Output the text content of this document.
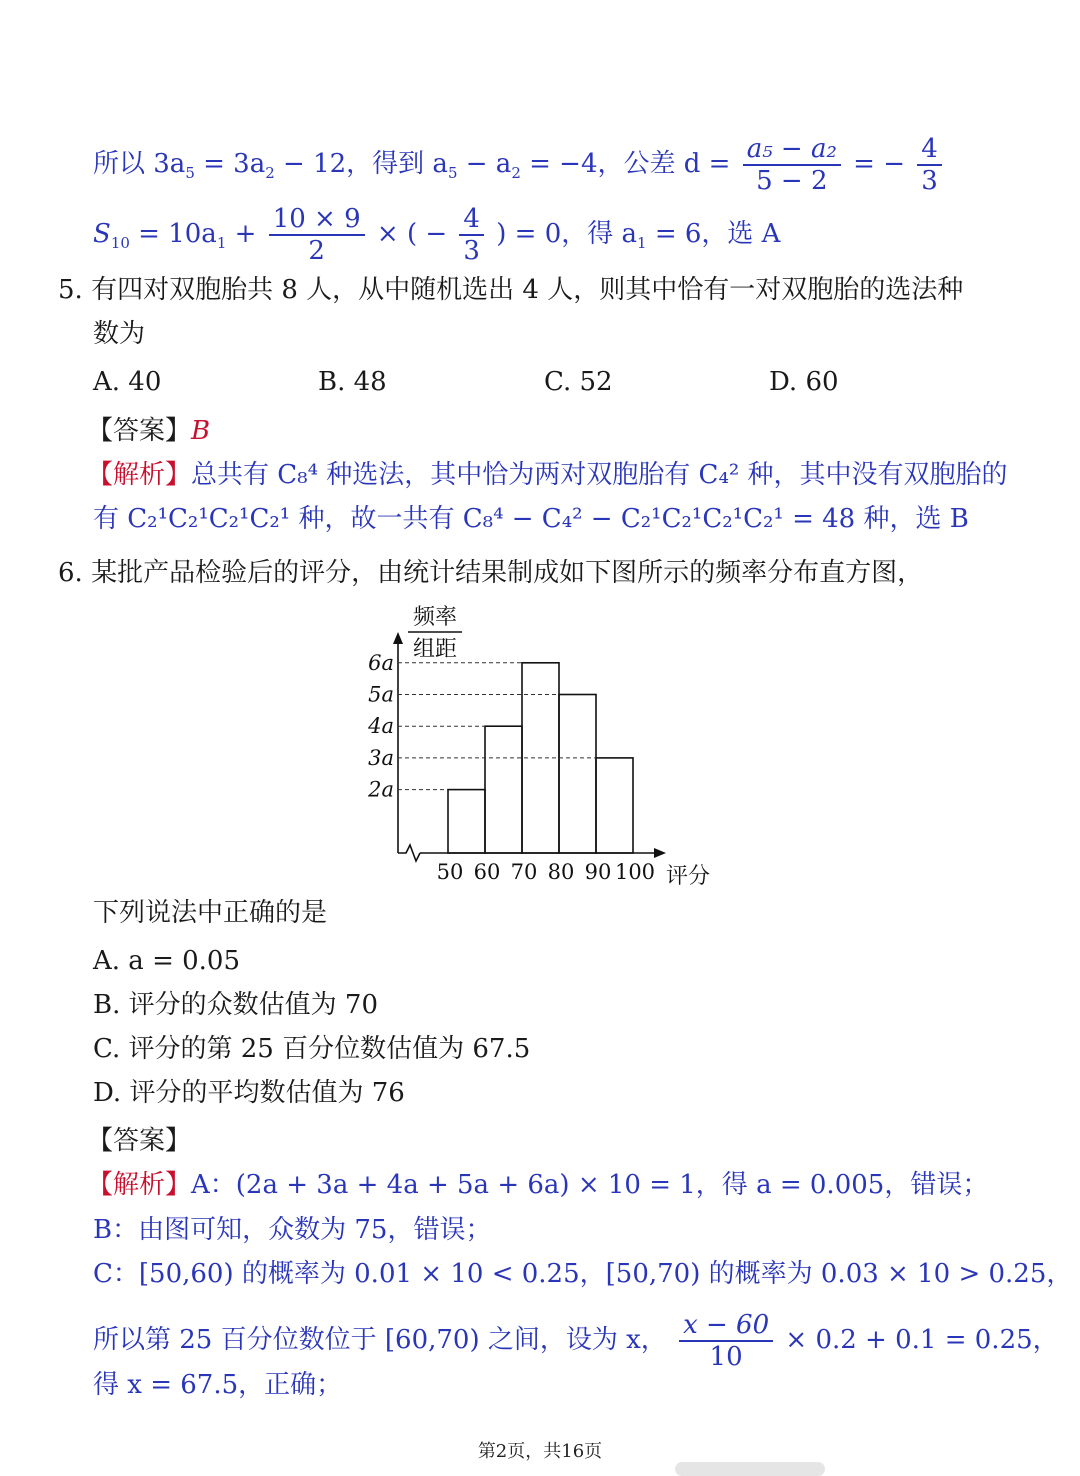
所以 $3a_5 = 3a_2 - 12$，得到 $a_5 - a_2 = -4$，公差 $d = \frac{\text{a₅ − a₂}}{5 - 2}$ = − $\frac{4}{3}$
$S_{10} = 10a_1 + \frac{10 \times 9}{2}$ × ( − $\frac{4}{3}$ ) = 0，得 $a_1 = 6$，选 A
5. 有四对双胞胎共 8 人，从中随机选出 4 人，则其中恰有一对双胞胎的选法种
数为
A. 40	B. 48	C. 52	D. 60
【答案】B
【解析】总共有 C₈⁴ 种选法，其中恰为两对双胞胎有 C₄² 种，其中没有双胞胎的
有 C₂¹C₂¹C₂¹C₂¹ 种，故一共有 C₈⁴ − C₄² − C₂¹C₂¹C₂¹C₂¹ = 48 种，选 B
6. 某批产品检验后的评分，由统计结果制成如下图所示的频率分布直方图，
频率
组距
2a
3a
4a
5a
6a
50 60 70 80 90 100 评分
下列说法中正确的是
A. a = 0.05
B. 评分的众数估值为 70
C. 评分的第 25 百分位数估值为 67.5
D. 评分的平均数估值为 76
【答案】
【解析】A：(2a + 3a + 4a + 5a + 6a) × 10 = 1，得 a = 0.005，错误；
B：由图可知，众数为 75，错误；
C：[50,60) 的概率为 0.01 × 10 < 0.25，[50,70) 的概率为 0.03 × 10 > 0.25，
所以第 25 百分位数位于 [60,70) 之间，设为 x， $\frac{x - 60}{10} \times 0.2 + 0.1 = 0.25$，
得 x = 67.5，正确；
第2页，共16页
